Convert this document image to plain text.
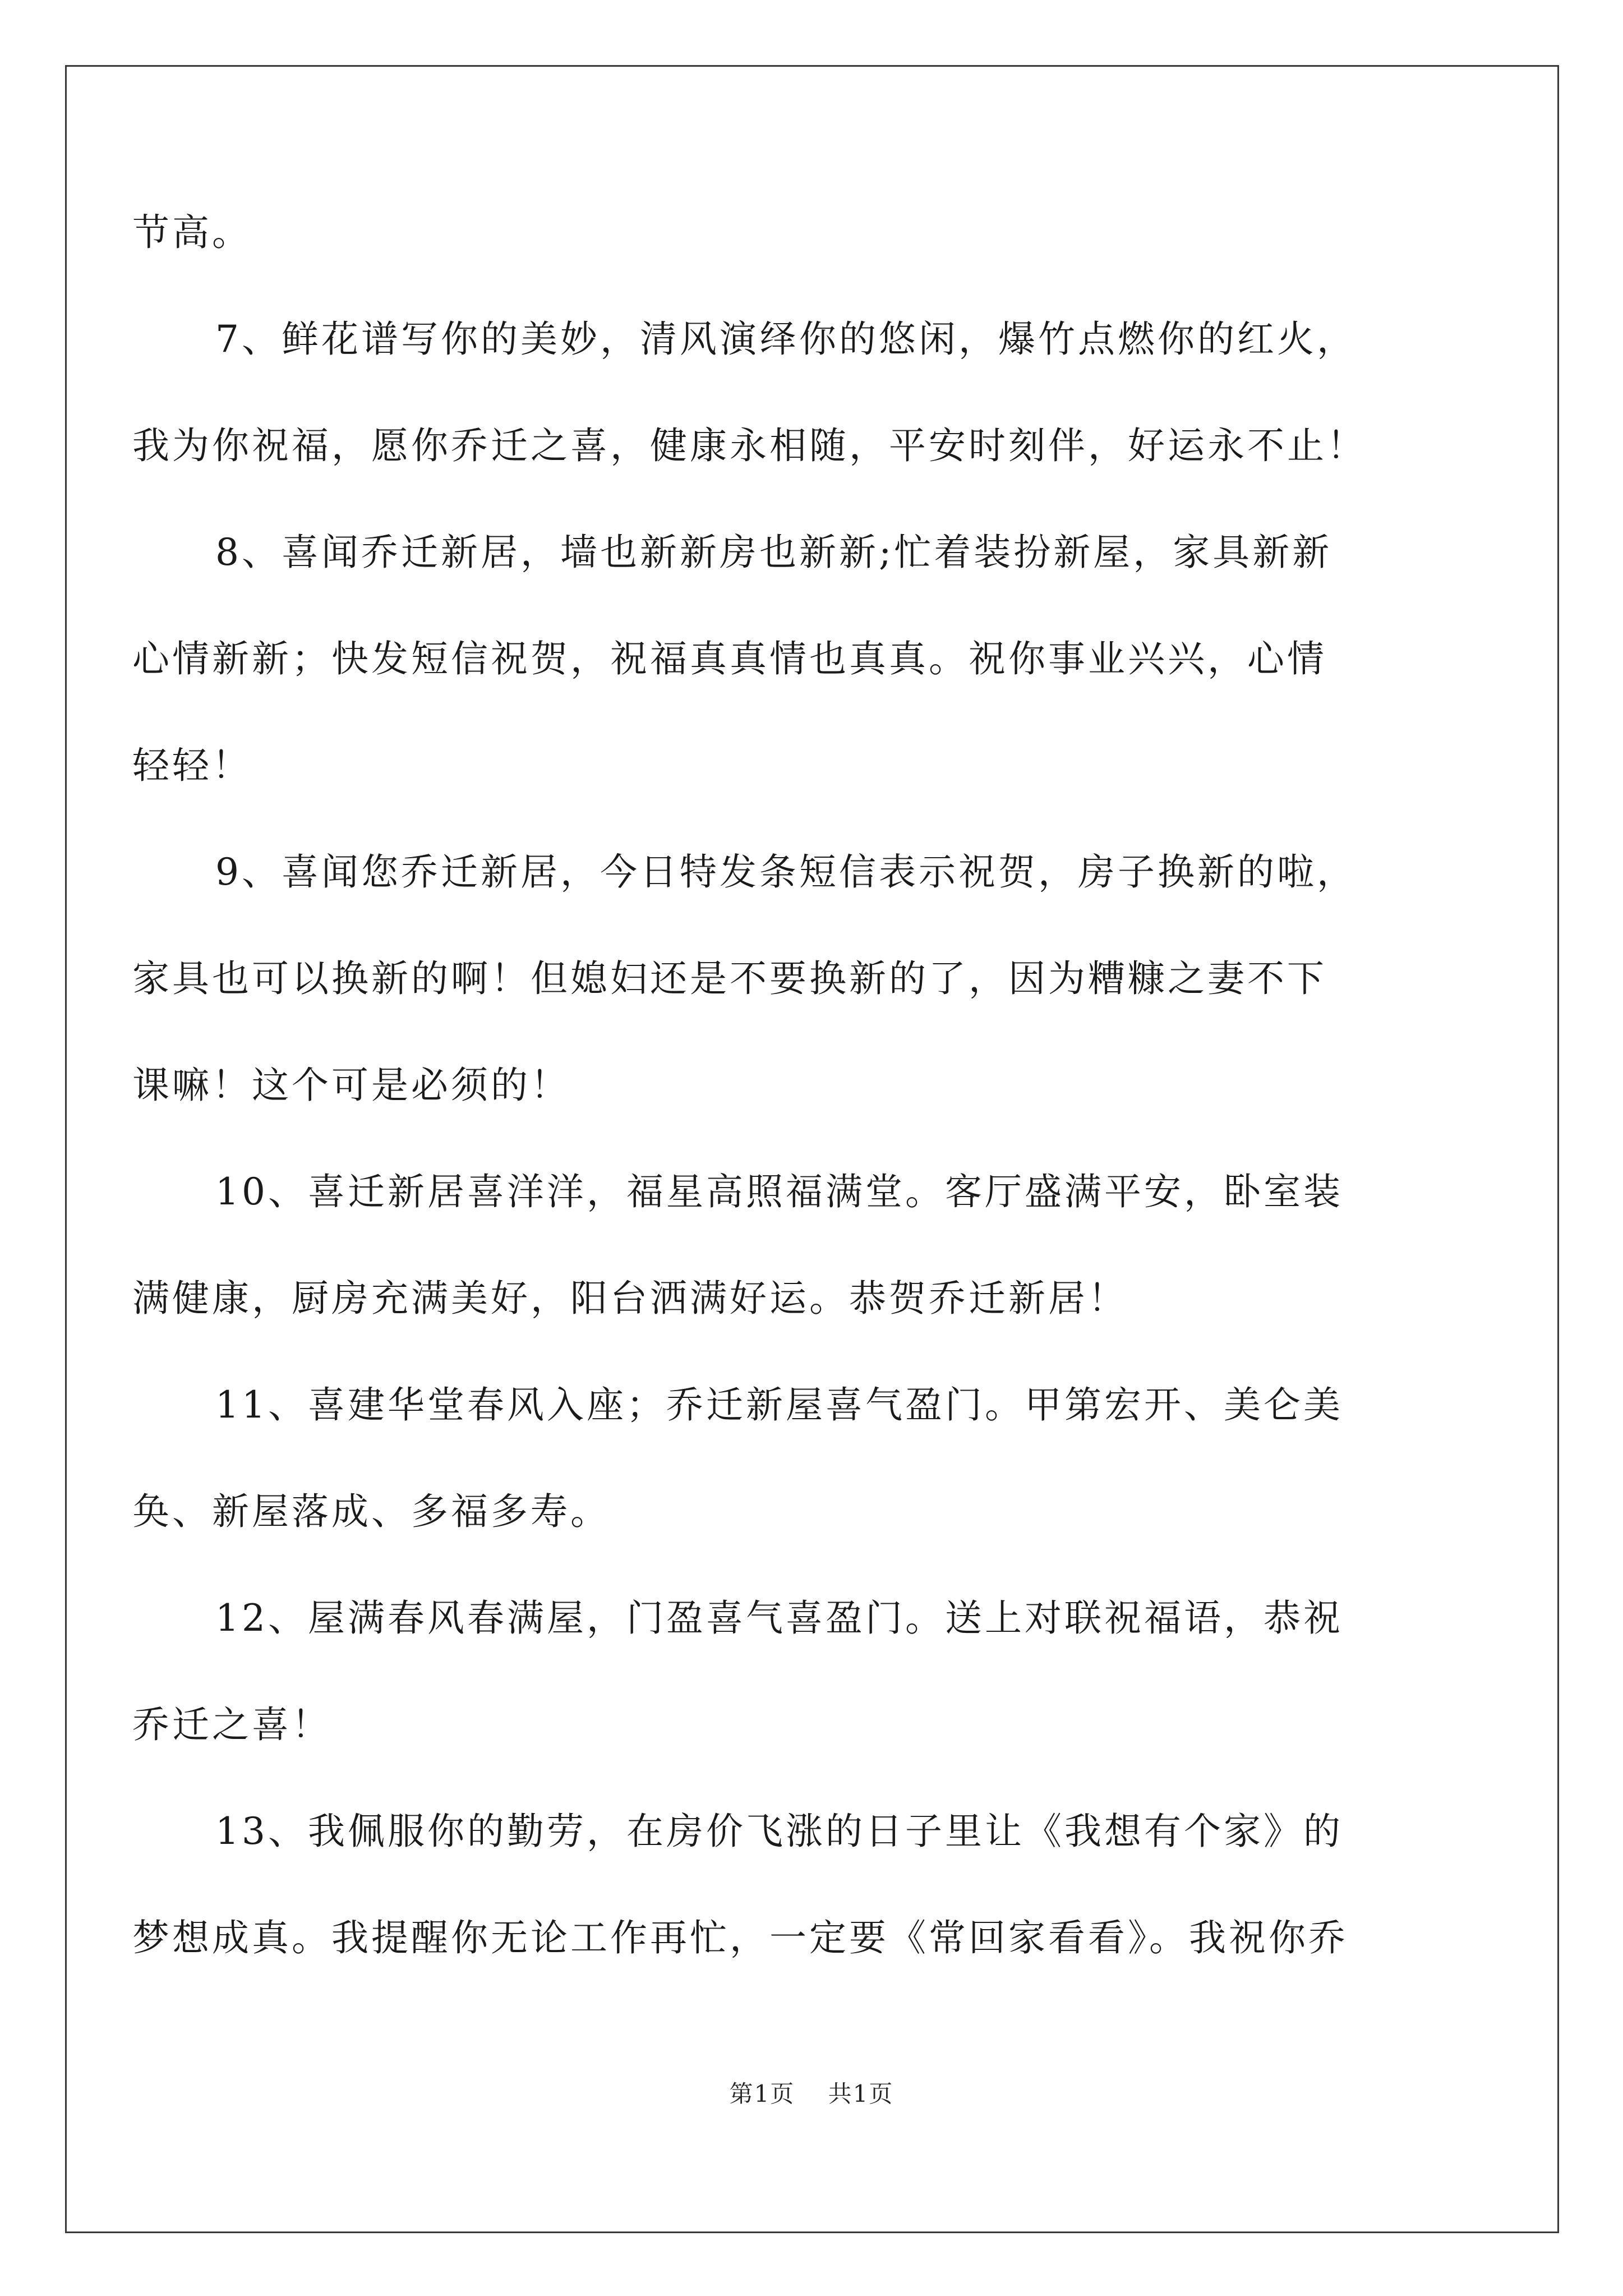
节高。
7、鲜花谱写你的美妙，清风演绎你的悠闲，爆竹点燃你的红火，
我为你祝福，愿你乔迁之喜，健康永相随，平安时刻伴，好运永不止！
8、喜闻乔迁新居，墙也新新房也新新;忙着装扮新屋，家具新新
心情新新；快发短信祝贺，祝福真真情也真真。祝你事业兴兴，心情
轻轻！
9、喜闻您乔迁新居，今日特发条短信表示祝贺，房子换新的啦，
家具也可以换新的啊！但媳妇还是不要换新的了，因为糟糠之妻不下
课嘛！这个可是必须的！
10、喜迁新居喜洋洋，福星高照福满堂。客厅盛满平安，卧室装
满健康，厨房充满美好，阳台洒满好运。恭贺乔迁新居！
11、喜建华堂春风入座；乔迁新屋喜气盈门。甲第宏开、美仑美
奂、新屋落成、多福多寿。
12、屋满春风春满屋，门盈喜气喜盈门。送上对联祝福语，恭祝
乔迁之喜！
13、我佩服你的勤劳，在房价飞涨的日子里让《我想有个家》的
梦想成真。我提醒你无论工作再忙，一定要《常回家看看》。我祝你乔
第1页 共1页
